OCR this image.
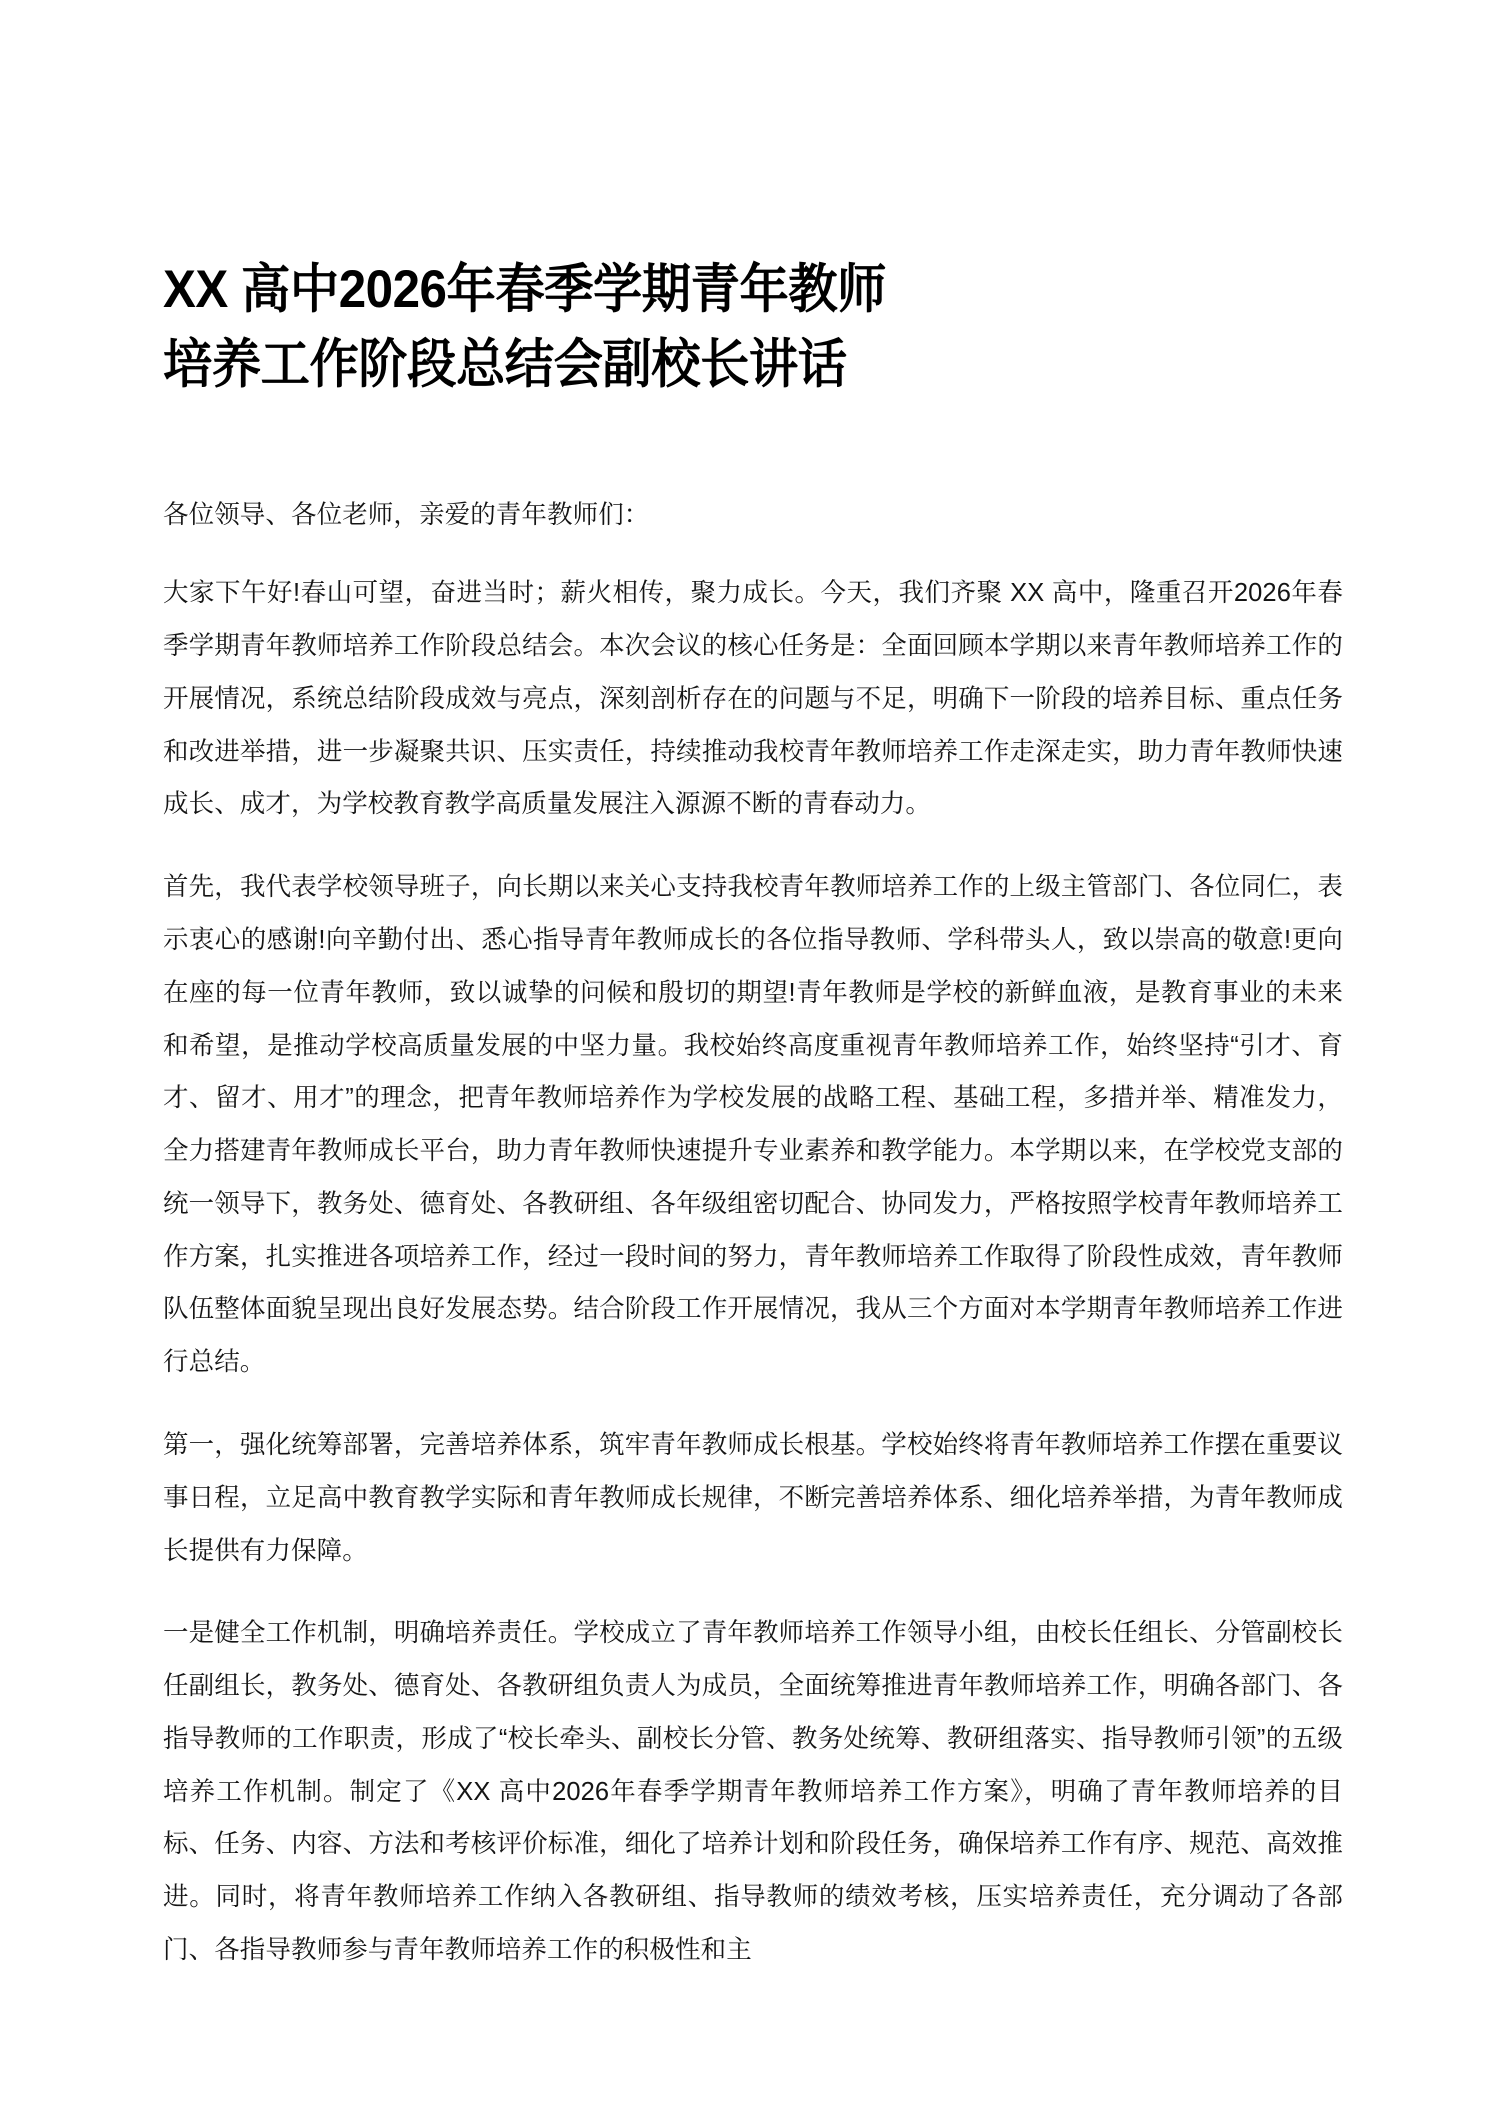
XX 高中2026年春季学期青年教师
培养工作阶段总结会副校长讲话

各位领导、各位老师，亲爱的青年教师们：

大家下午好!春山可望，奋进当时；薪火相传，聚力成长。今天，我们齐聚 XX 高中，隆重召开2026年春季学期青年教师培养工作阶段总结会。本次会议的核心任务是：全面回顾本学期以来青年教师培养工作的开展情况，系统总结阶段成效与亮点，深刻剖析存在的问题与不足，明确下一阶段的培养目标、重点任务和改进举措，进一步凝聚共识、压实责任，持续推动我校青年教师培养工作走深走实，助力青年教师快速成长、成才，为学校教育教学高质量发展注入源源不断的青春动力。

首先，我代表学校领导班子，向长期以来关心支持我校青年教师培养工作的上级主管部门、各位同仁，表示衷心的感谢!向辛勤付出、悉心指导青年教师成长的各位指导教师、学科带头人，致以崇高的敬意!更向在座的每一位青年教师，致以诚挚的问候和殷切的期望!青年教师是学校的新鲜血液，是教育事业的未来和希望，是推动学校高质量发展的中坚力量。我校始终高度重视青年教师培养工作，始终坚持“引才、育才、留才、用才”的理念，把青年教师培养作为学校发展的战略工程、基础工程，多措并举、精准发力，全力搭建青年教师成长平台，助力青年教师快速提升专业素养和教学能力。本学期以来，在学校党支部的统一领导下，教务处、德育处、各教研组、各年级组密切配合、协同发力，严格按照学校青年教师培养工作方案，扎实推进各项培养工作，经过一段时间的努力，青年教师培养工作取得了阶段性成效，青年教师队伍整体面貌呈现出良好发展态势。结合阶段工作开展情况，我从三个方面对本学期青年教师培养工作进行总结。

第一，强化统筹部署，完善培养体系，筑牢青年教师成长根基。学校始终将青年教师培养工作摆在重要议事日程，立足高中教育教学实际和青年教师成长规律，不断完善培养体系、细化培养举措，为青年教师成长提供有力保障。

一是健全工作机制，明确培养责任。学校成立了青年教师培养工作领导小组，由校长任组长、分管副校长任副组长，教务处、德育处、各教研组负责人为成员，全面统筹推进青年教师培养工作，明确各部门、各指导教师的工作职责，形成了“校长牵头、副校长分管、教务处统筹、教研组落实、指导教师引领”的五级培养工作机制。制定了《XX 高中2026年春季学期青年教师培养工作方案》，明确了青年教师培养的目标、任务、内容、方法和考核评价标准，细化了培养计划和阶段任务，确保培养工作有序、规范、高效推进。同时，将青年教师培养工作纳入各教研组、指导教师的绩效考核，压实培养责任，充分调动了各部门、各指导教师参与青年教师培养工作的积极性和主
